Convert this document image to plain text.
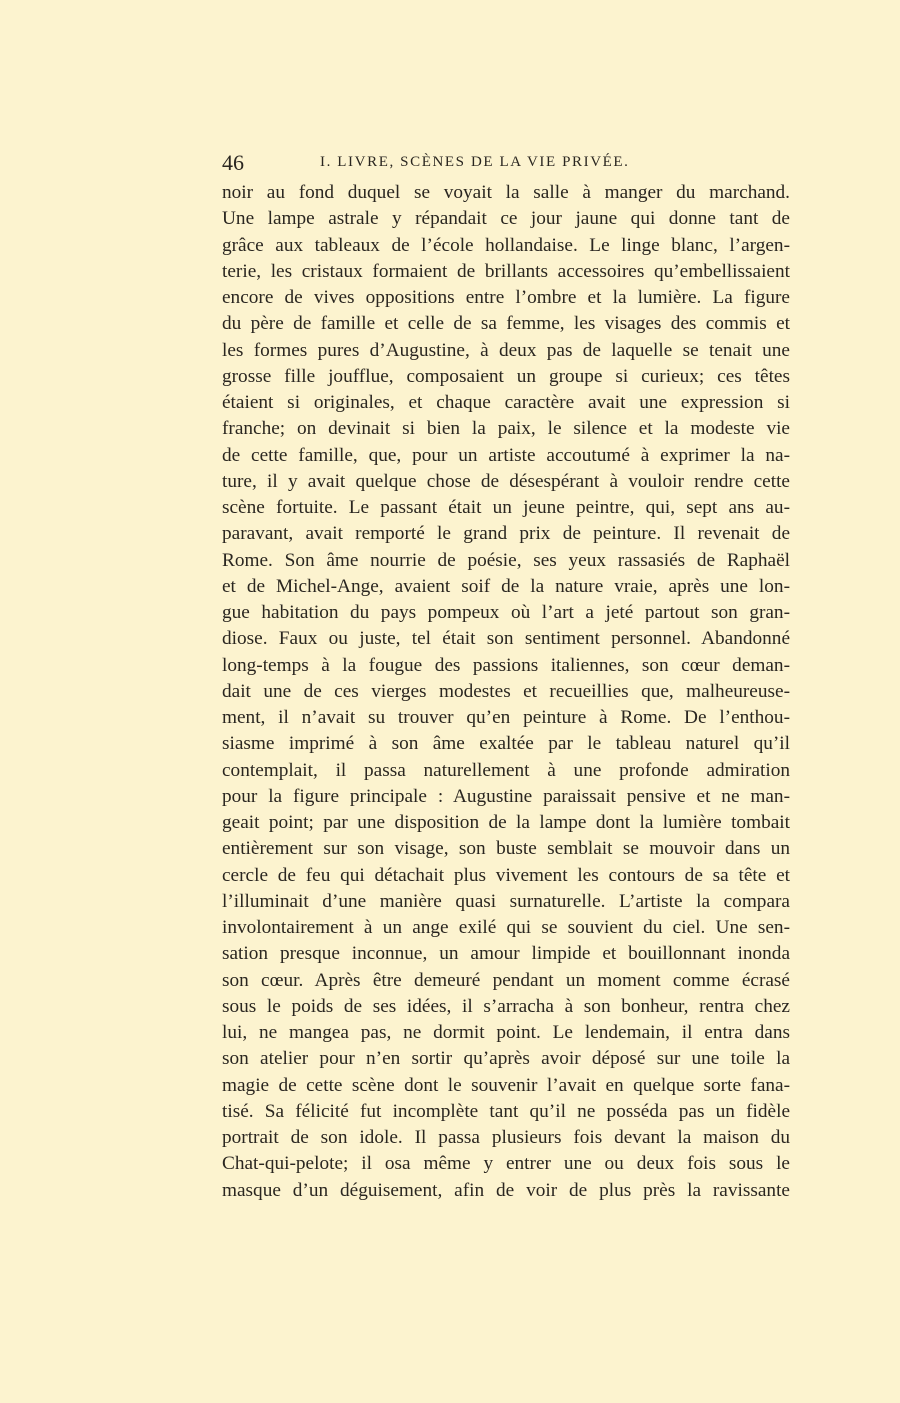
46	I. LIVRE, SCÈNES DE LA VIE PRIVÉE.
noir au fond duquel se voyait la salle à manger du marchand.
Une lampe astrale y répandait ce jour jaune qui donne tant de
grâce aux tableaux de l’école hollandaise. Le linge blanc, l’argen-
terie, les cristaux formaient de brillants accessoires qu’embellissaient
encore de vives oppositions entre l’ombre et la lumière. La figure
du père de famille et celle de sa femme, les visages des commis et
les formes pures d’Augustine, à deux pas de laquelle se tenait une
grosse fille joufflue, composaient un groupe si curieux; ces têtes
étaient si originales, et chaque caractère avait une expression si
franche; on devinait si bien la paix, le silence et la modeste vie
de cette famille, que, pour un artiste accoutumé à exprimer la na-
ture, il y avait quelque chose de désespérant à vouloir rendre cette
scène fortuite. Le passant était un jeune peintre, qui, sept ans au-
paravant, avait remporté le grand prix de peinture. Il revenait de
Rome. Son âme nourrie de poésie, ses yeux rassasiés de Raphaël
et de Michel-Ange, avaient soif de la nature vraie, après une lon-
gue habitation du pays pompeux où l’art a jeté partout son gran-
diose. Faux ou juste, tel était son sentiment personnel. Abandonné
long-temps à la fougue des passions italiennes, son cœur deman-
dait une de ces vierges modestes et recueillies que, malheureuse-
ment, il n’avait su trouver qu’en peinture à Rome. De l’enthou-
siasme imprimé à son âme exaltée par le tableau naturel qu’il
contemplait, il passa naturellement à une profonde admiration
pour la figure principale : Augustine paraissait pensive et ne man-
geait point; par une disposition de la lampe dont la lumière tombait
entièrement sur son visage, son buste semblait se mouvoir dans un
cercle de feu qui détachait plus vivement les contours de sa tête et
l’illuminait d’une manière quasi surnaturelle. L’artiste la compara
involontairement à un ange exilé qui se souvient du ciel. Une sen-
sation presque inconnue, un amour limpide et bouillonnant inonda
son cœur. Après être demeuré pendant un moment comme écrasé
sous le poids de ses idées, il s’arracha à son bonheur, rentra chez
lui, ne mangea pas, ne dormit point. Le lendemain, il entra dans
son atelier pour n’en sortir qu’après avoir déposé sur une toile la
magie de cette scène dont le souvenir l’avait en quelque sorte fana-
tisé. Sa félicité fut incomplète tant qu’il ne posséda pas un fidèle
portrait de son idole. Il passa plusieurs fois devant la maison du
Chat-qui-pelote; il osa même y entrer une ou deux fois sous le
masque d’un déguisement, afin de voir de plus près la ravissante
